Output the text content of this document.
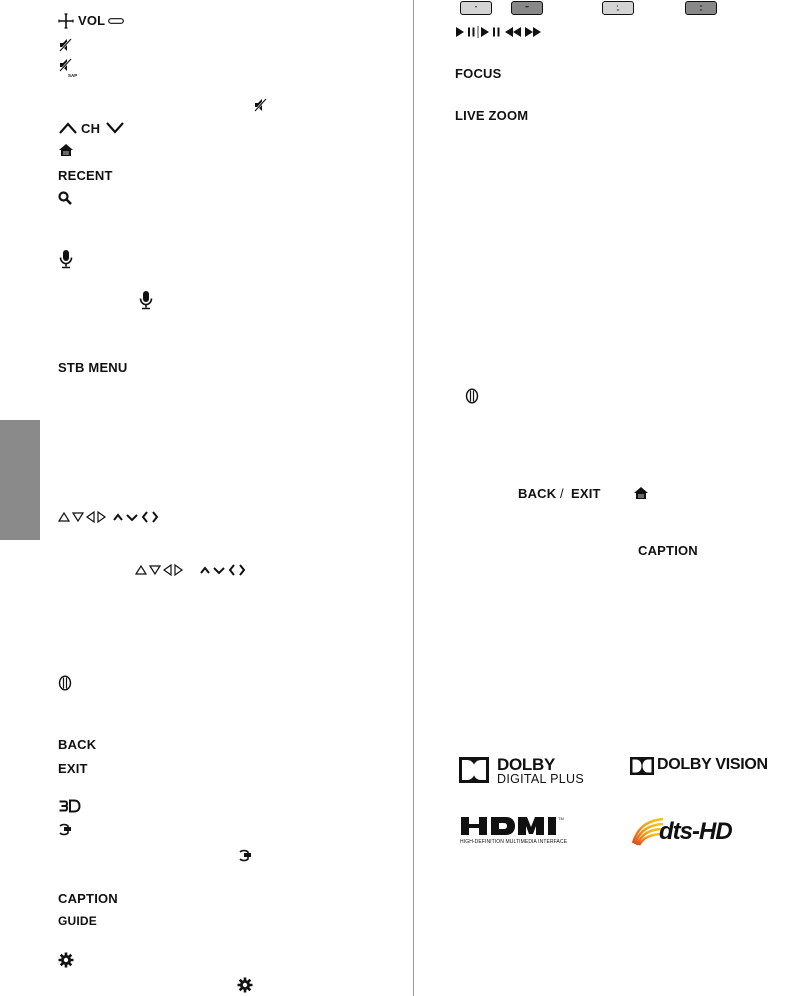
VOL
SAP
CH
RECENT
STB MENU
BACK
EXIT
CAPTION
GUIDE
•	••	•
••
••
••
FOCUS
LIVE ZOOM
BACK / EXIT
CAPTION
DOLBY
DIGITAL PLUS
DOLBY VISION
TM
HIGH-DEFINITION MULTIMEDIA INTERFACE	dts-HD
